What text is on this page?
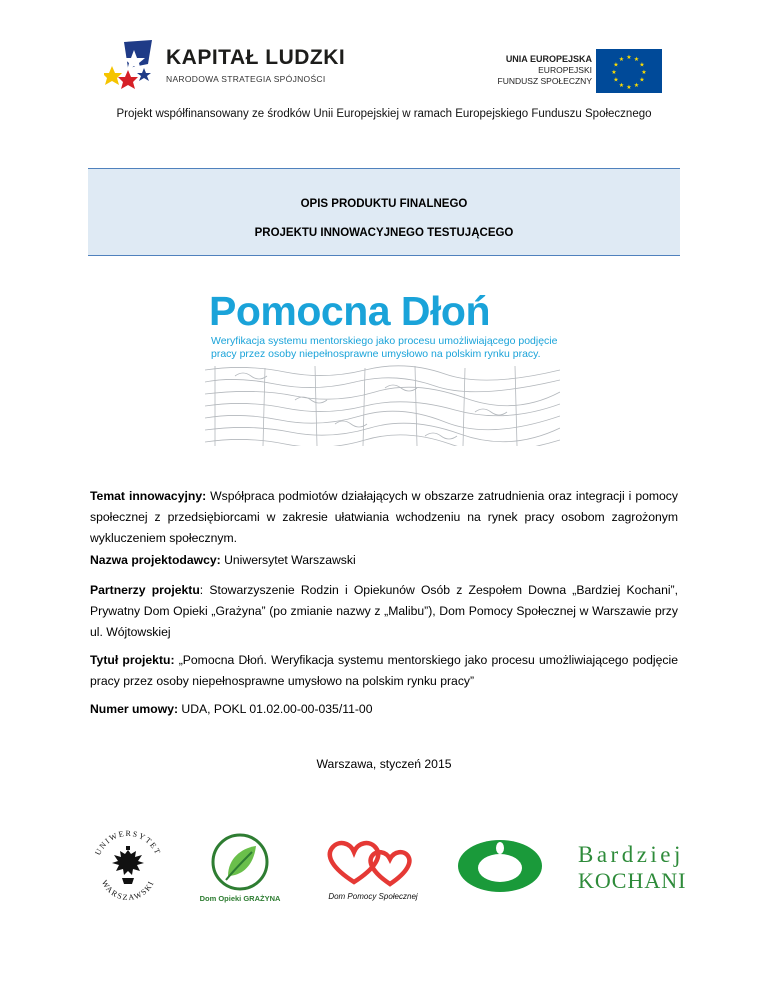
KAPITAŁ LUDZKI
NARODOWA STRATEGIA SPÓJNOŚCI
UNIA EUROPEJSKA
EUROPEJSKI
FUNDUSZ SPOŁECZNY
★ ★
★
★
★
★
★
★
★
★
★
★
Projekt współfinansowany ze środków Unii Europejskiej w ramach Europejskiego Funduszu Społecznego
OPIS PRODUKTU FINALNEGO
PROJEKTU INNOWACYJNEGO TESTUJĄCEGO
Pomocna Dłoń
Weryfikacja systemu mentorskiego jako procesu umożliwiającego podjęcie
pracy przez osoby niepełnosprawne umysłowo na polskim rynku pracy.
Temat innowacyjny: Współpraca podmiotów działających w obszarze zatrudnienia oraz integracji i pomocy społecznej z przedsiębiorcami w zakresie ułatwiania wchodzeniu na rynek pracy osobom zagrożonym wykluczeniem społecznym.
Nazwa projektodawcy: Uniwersytet Warszawski
Partnerzy projektu: Stowarzyszenie Rodzin i Opiekunów Osób z Zespołem Downa „Bardziej Kochani”, Prywatny Dom Opieki „Grażyna” (po zmianie nazwy z „Malibu”), Dom Pomocy Społecznej w Warszawie przy ul. Wójtowskiej
Tytuł projektu: „Pomocna Dłoń. Weryfikacja systemu mentorskiego jako procesu umożliwiającego podjęcie pracy przez osoby niepełnosprawne umysłowo na polskim rynku pracy”
Numer umowy: UDA, POKL 01.02.00-00-035/11-00
Warszawa, styczeń 2015
UNIWERSYTET
WARSZAWSKI
Dom Opieki GRAŻYNA	Dom Pomocy Społecznej
Bardziej
KOCHANI
